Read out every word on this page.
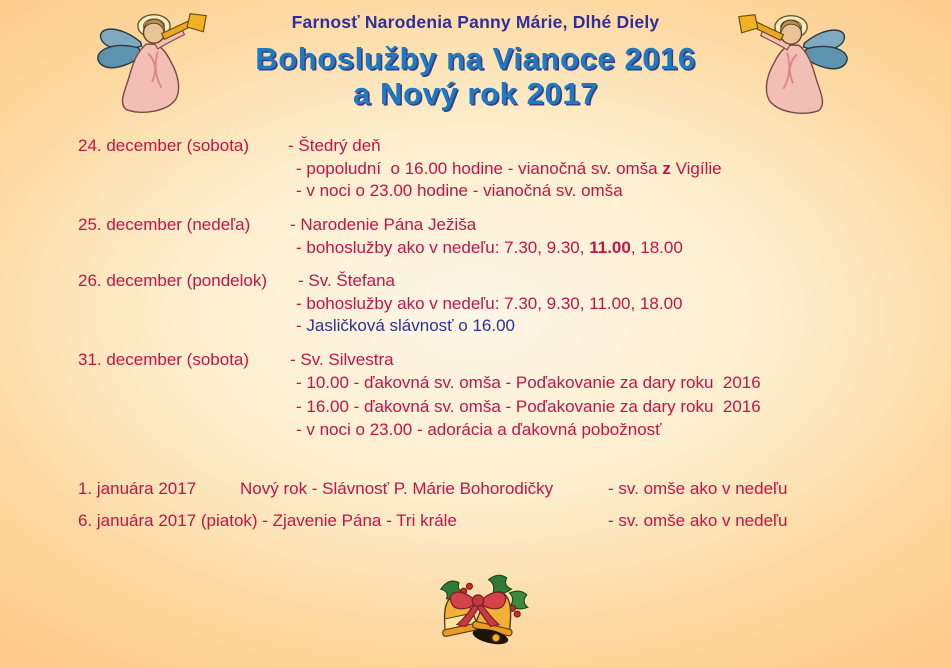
Farnosť Narodenia Panny Márie, Dlhé Diely
Bohoslužby na Vianoce 2016
a Nový rok 2017
24. december (sobota) - Štedrý deň
- popoludní  o 16.00 hodine - vianočná sv. omša z Vigílie
- v noci o 23.00 hodine - vianočná sv. omša
25. december (nedeľa) - Narodenie Pána Ježiša
- bohoslužby ako v nedeľu: 7.30, 9.30, 11.00, 18.00
26. december (pondelok) - Sv. Štefana
- bohoslužby ako v nedeľu: 7.30, 9.30, 11.00, 18.00
- Jasličková slávnosť o 16.00
31. december (sobota) - Sv. Silvestra
- 10.00 - ďakovná sv. omša - Poďakovanie za dary roku  2016
- 16.00 - ďakovná sv. omša - Poďakovanie za dary roku  2016
- v noci o 23.00 - adorácia a ďakovná pobožnosť
1. januára 2017	Nový rok - Slávnosť P. Márie Bohorodičky	- sv. omše ako v nedeľu
6. januára 2017 (piatok) - Zjavenie Pána - Tri krále	- sv. omše ako v nedeľu
